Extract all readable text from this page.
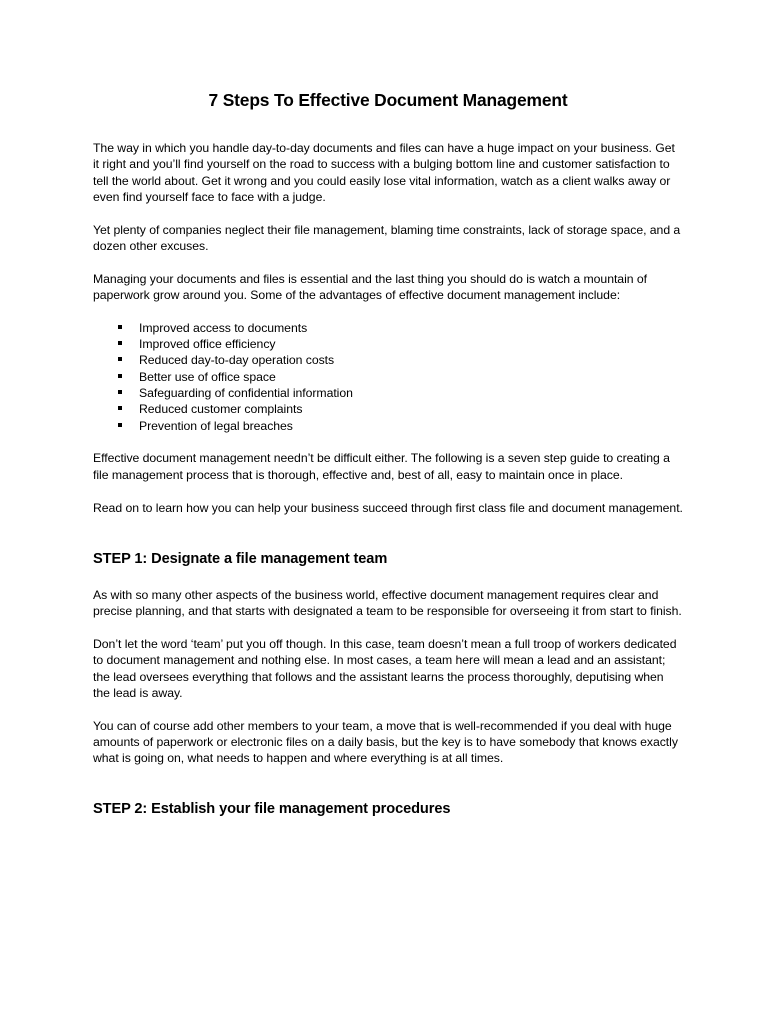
7 Steps To Effective Document Management

The way in which you handle day-to-day documents and files can have a huge impact on your business. Get it right and you’ll find yourself on the road to success with a bulging bottom line and customer satisfaction to tell the world about. Get it wrong and you could easily lose vital information, watch as a client walks away or even find yourself face to face with a judge.

Yet plenty of companies neglect their file management, blaming time constraints, lack of storage space, and a dozen other excuses.

Managing your documents and files is essential and the last thing you should do is watch a mountain of paperwork grow around you. Some of the advantages of effective document management include:

Improved access to documents
Improved office efficiency
Reduced day-to-day operation costs
Better use of office space
Safeguarding of confidential information
Reduced customer complaints
Prevention of legal breaches

Effective document management needn’t be difficult either. The following is a seven step guide to creating a file management process that is thorough, effective and, best of all, easy to maintain once in place.

Read on to learn how you can help your business succeed through first class file and document management.

STEP 1: Designate a file management team

As with so many other aspects of the business world, effective document management requires clear and precise planning, and that starts with designated a team to be responsible for overseeing it from start to finish.

Don’t let the word ‘team’ put you off though. In this case, team doesn’t mean a full troop of workers dedicated to document management and nothing else. In most cases, a team here will mean a lead and an assistant; the lead oversees everything that follows and the assistant learns the process thoroughly, deputising when the lead is away.

You can of course add other members to your team, a move that is well-recommended if you deal with huge amounts of paperwork or electronic files on a daily basis, but the key is to have somebody that knows exactly what is going on, what needs to happen and where everything is at all times.

STEP 2: Establish your file management procedures
